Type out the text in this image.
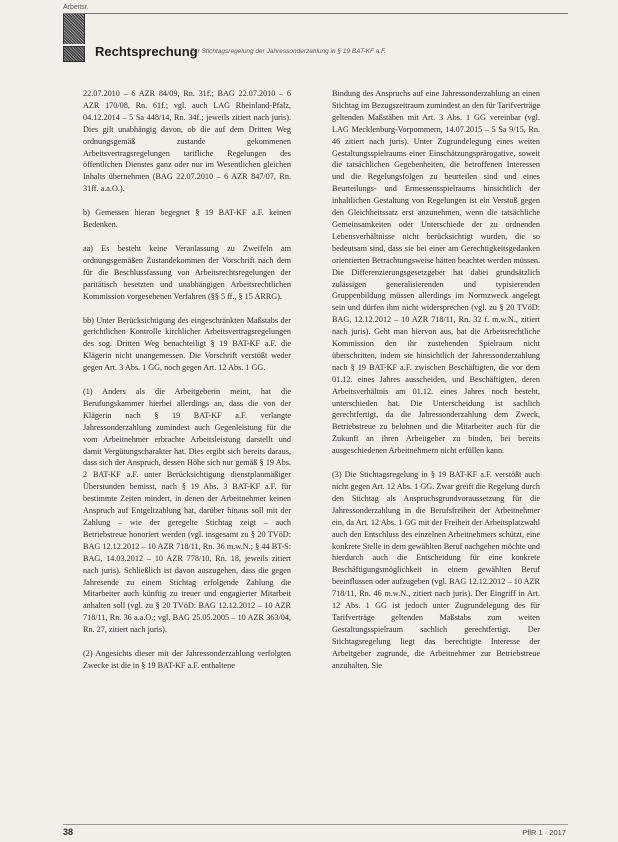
Arbeitsr.
Rechtsprechung
Zur Stichtagsregelung der Jahressonderzahlung in § 19 BAT-KF a.F.

22.07.2010 – 6 AZR 84/09, Rn. 31f.; BAG 22.07.2010 – 6 AZR 170/08, Rn. 61f.; vgl. auch LAG Rheinland-Pfalz, 04.12.2014 – 5 Sa 448/14, Rn. 34f.; jeweils zitiert nach juris). Dies gilt unabhängig davon, ob die auf dem Dritten Weg ordnungsgemäß zustande gekommenen Arbeitsvertragsregelungen tarifliche Regelungen des öffentlichen Dienstes ganz oder nur im Wesentlichen gleichen Inhalts übernehmen (BAG 22.07.2010 – 6 AZR 847/07, Rn. 31ff. a.a.O.).

b) Gemessen hieran begegnet § 19 BAT-KF a.F. keinen Bedenken.

aa) Es besteht keine Veranlassung zu Zweifeln am ordnungsgemäßen Zustandekommen der Vorschrift nach dem für die Beschlussfassung von Arbeitsrechtsregelungen der paritätisch besetzten und unabhängigen Arbeitsrechtlichen Kommission vorgesehenen Verfahren (§§ 5 ff., § 15 ARRG).

bb) Unter Berücksichtigung des eingeschränkten Maßstabs der gerichtlichen Kontrolle kirchlicher Arbeitsvertragsregelungen des sog. Dritten Weg benachteiligt § 19 BAT-KF a.F. die Klägerin nicht unangemessen. Die Vorschrift verstößt weder gegen Art. 3 Abs. 1 GG, noch gegen Art. 12 Abs. 1 GG.

(1) Anders als die Arbeitgeberin meint, hat die Berufungskammer hierbei allerdings an, dass die von der Klägerin nach § 19 BAT-KF a.F. verlangte Jahressonderzahlung zumindest auch Gegenleistung für die vom Arbeitnehmer erbrachte Arbeitsleistung darstellt und damit Vergütungscharakter hat. Dies ergibt sich bereits daraus, dass sich der Anspruch, dessen Höhe sich nur gemäß § 19 Abs. 2 BAT-KF a.F. unter Berücksichtigung dienstplanmäßiger Überstunden bemisst, nach § 19 Abs. 3 BAT-KF a.F. für bestimmte Zeiten mindert, in denen der Arbeitnehmer keinen Anspruch auf Entgeltzahlung hat, darüber hinaus soll mit der Zahlung – wie der geregelte Stichtag zeigt – auch Betriebstreue honoriert werden (vgl. insgesamt zu § 20 TVöD: BAG 12.12.2012 – 10 AZR 718/11, Rn. 36 m.w.N.; § 44 BT-S: BAG, 14.03.2012 – 10 AZR 778/10, Rn. 18, jeweils zitiert nach juris). Schließlich ist davon auszugehen, dass die gegen Jahresende zu einem Stichtag erfolgende Zahlung die Mitarbeiter auch künftig zu treuer und engagierter Mitarbeit anhalten soll (vgl. zu § 20 TVöD: BAG 12.12.2012 – 10 AZR 718/11, Rn. 36 a.a.O.; vgl. BAG 25.05.2005 – 10 AZR 363/04, Rn. 27, zitiert nach juris).

(2) Angesichts dieser mit der Jahressonderzahlung verfolgten Zwecke ist die in § 19 BAT-KF a.F. enthaltene

Bindung des Anspruchs auf eine Jahressonderzahlung an einen Stichtag im Bezugszeitraum zumindest an den für Tarifverträge geltenden Maßstäben mit Art. 3 Abs. 1 GG vereinbar (vgl. LAG Mecklenburg-Vorpommern, 14.07.2015 – 5 Sa 9/15, Rn. 46 zitiert nach juris). Unter Zugrundelegung eines weiten Gestaltungsspielraums einer Einschätzungsprärogative, soweit die tatsächlichen Gegebenheiten, die betroffenen Interessen und die Regelungsfolgen zu beurteilen sind und eines Beurteilungs- und Ermessensspielraums hinsichtlich der inhaltlichen Gestaltung von Regelungen ist ein Verstoß gegen den Gleichheitssatz erst anzunehmen, wenn die tatsächliche Gemeinsamkeiten oder Unterschiede der zu ordnenden Lebensverhältnisse nicht berücksichtigt wurden, die so bedeutsam sind, dass sie bei einer am Gerechtigkeitsgedanken orientierten Betrachtungsweise hätten beachtet werden müssen. Die Differenzierungsgesetzgeber hat dabei grundsätzlich zulässigen generalisierenden und typisierenden Gruppenbildung müssen allerdings im Normzweck angelegt sein und dürfen ihm nicht widersprechen (vgl. zu § 20 TVöD: BAG, 12.12.2012 – 10 AZR 718/11, Rn. 32 f. m.w.N., zitiert nach juris). Geht man hiervon aus, hat die Arbeitsrechtliche Kommission den ihr zustehenden Spielraum nicht überschritten, indem sie hinsichtlich der Jahressonderzahlung nach § 19 BAT-KF a.F. zwischen Beschäftigten, die vor dem 01.12. eines Jahres ausscheiden, und Beschäftigten, deren Arbeitsverhältnis am 01.12. eines Jahres noch besteht, unterschieden hat. Die Unterscheidung ist sachlich gerechtfertigt, da die Jahressonderzahlung dem Zweck, Betriebstreue zu belohnen und die Mitarbeiter auch für die Zukunft an ihren Arbeitgeber zu binden, bei bereits ausgeschiedenen Arbeitnehmern nicht erfüllen kann.

(3) Die Stichtagsregelung in § 19 BAT-KF a.F. verstößt auch nicht gegen Art. 12 Abs. 1 GG. Zwar greift die Regelung durch den Stichtag als Anspruchsgrundvoraussetzung für die Jahressonderzahlung in die Berufsfreiheit der Arbeitnehmer ein, da Art. 12 Abs. 1 GG mit der Freiheit der Arbeitsplatzwahl auch den Entschluss des einzelnen Arbeitnehmers schützt, eine konkrete Stelle in dem gewählten Beruf nachgehen möchte und hierdurch auch die Entscheidung für eine konkrete Beschäftigungsmöglichkeit in einem gewählten Beruf beeinflussen oder aufzugeben (vgl. BAG 12.12.2012 – 10 AZR 718/11, Rn. 46 m.w.N., zitiert nach juris). Der Eingriff in Art. 12 Abs. 1 GG ist jedoch unter Zugrundelegung des für Tarifverträge geltenden Maßstabs zum weiten Gestaltungsspielraum sachlich gerechtfertigt. Der Stichtagsregelung liegt das berechtigte Interesse der Arbeitgeber zugrunde, die Arbeitnehmer zur Betriebstreue anzuhalten. Sie

38	PflR 1 · 2017
